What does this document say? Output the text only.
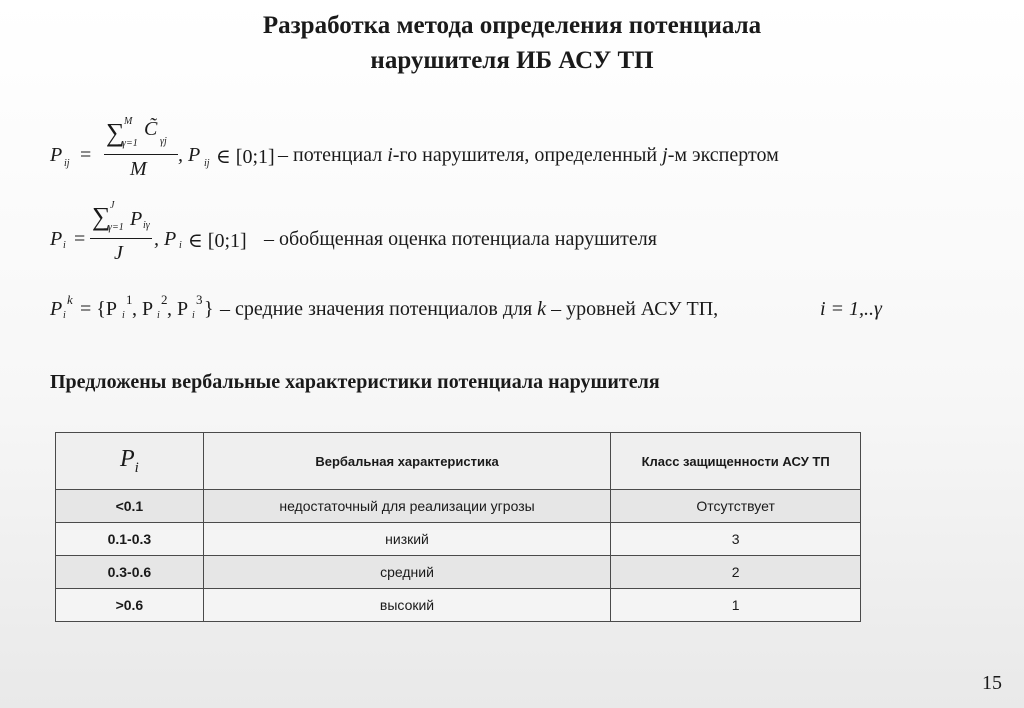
Разработка метода определения потенциала
нарушителя ИБ АСУ ТП
P ij =
∑ M
γ=1
C̃
γj
M
, P ij ∈ [0;1] – потенциал i-го нарушителя, определенный j-м экспертом
P i =
∑ J
γ=1 P iγ
J
, P i ∈ [0;1] – обобщенная оценка потенциала нарушителя
P i
k = {P i
1 , P i
2 , P i
3 } – средние значения потенциалов для k – уровней АСУ ТП,	i = 1,..γ
Предложены вербальные характеристики потенциала нарушителя
$P_i$	Вербальная характеристика	Класс защищенности АСУ ТП
<0.1	недостаточный для реализации угрозы	Отсутствует
0.1-0.3	низкий	3
0.3-0.6	средний	2
>0.6	высокий	1
15
